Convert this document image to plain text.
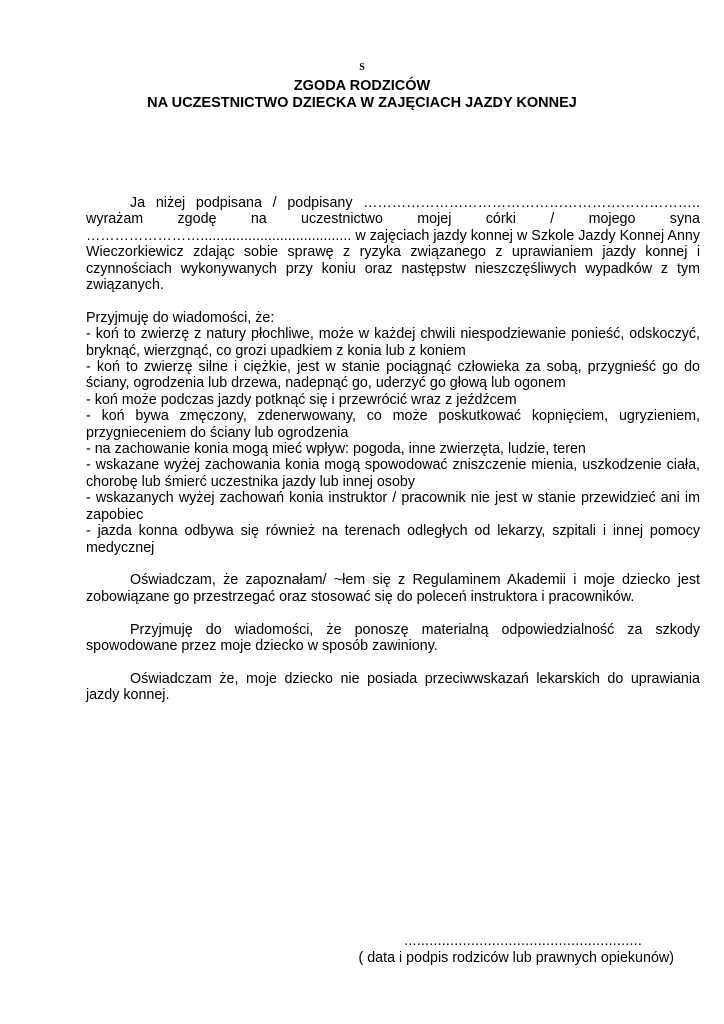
S
ZGODA RODZICÓW
NA UCZESTNICTWO DZIECKA W ZAJĘCIACH JAZDY KONNEJ

Ja niżej podpisana / podpisany …………………………………………………………….. wyrażam zgodę na uczestnictwo mojej córki / mojego syna ……………………...................................... w zajęciach jazdy konnej w Szkole Jazdy Konnej Anny Wieczorkiewicz zdając sobie sprawę z ryzyka związanego z uprawianiem jazdy konnej i czynnościach wykonywanych przy koniu oraz następstw nieszczęśliwych wypadków z tym związanych.

Przyjmuję do wiadomości, że:

- koń to zwierzę z natury płochliwe, może w każdej chwili niespodziewanie ponieść, odskoczyć, bryknąć, wierzgnąć, co grozi upadkiem z konia lub z koniem

- koń to zwierzę silne i ciężkie, jest w stanie pociągnąć człowieka za sobą, przygnieść go do ściany, ogrodzenia lub drzewa, nadepnąć go, uderzyć go głową lub ogonem

- koń może podczas jazdy potknąć się i przewrócić wraz z jeźdźcem

- koń bywa zmęczony, zdenerwowany, co może poskutkować kopnięciem, ugryzieniem, przygnieceniem do ściany lub ogrodzenia

- na zachowanie konia mogą mieć wpływ: pogoda, inne zwierzęta, ludzie, teren

- wskazane wyżej zachowania konia mogą spowodować zniszczenie mienia, uszkodzenie ciała, chorobę lub śmierć uczestnika jazdy lub innej osoby

- wskazanych wyżej zachowań konia instruktor / pracownik nie jest w stanie przewidzieć ani im zapobiec

- jazda konna odbywa się również na terenach odległych od lekarzy, szpitali i innej pomocy medycznej

Oświadczam, że zapoznałam/ ~łem się z Regulaminem Akademii i moje dziecko jest zobowiązane go przestrzegać oraz stosować się do poleceń instruktora i pracowników.

Przyjmuję do wiadomości, że ponoszę materialną odpowiedzialność za szkody spowodowane przez moje dziecko w sposób zawiniony.

Oświadczam że, moje dziecko nie posiada przeciwwskazań lekarskich do uprawiania jazdy konnej.

.........................................................
( data i podpis rodziców lub prawnych opiekunów)
